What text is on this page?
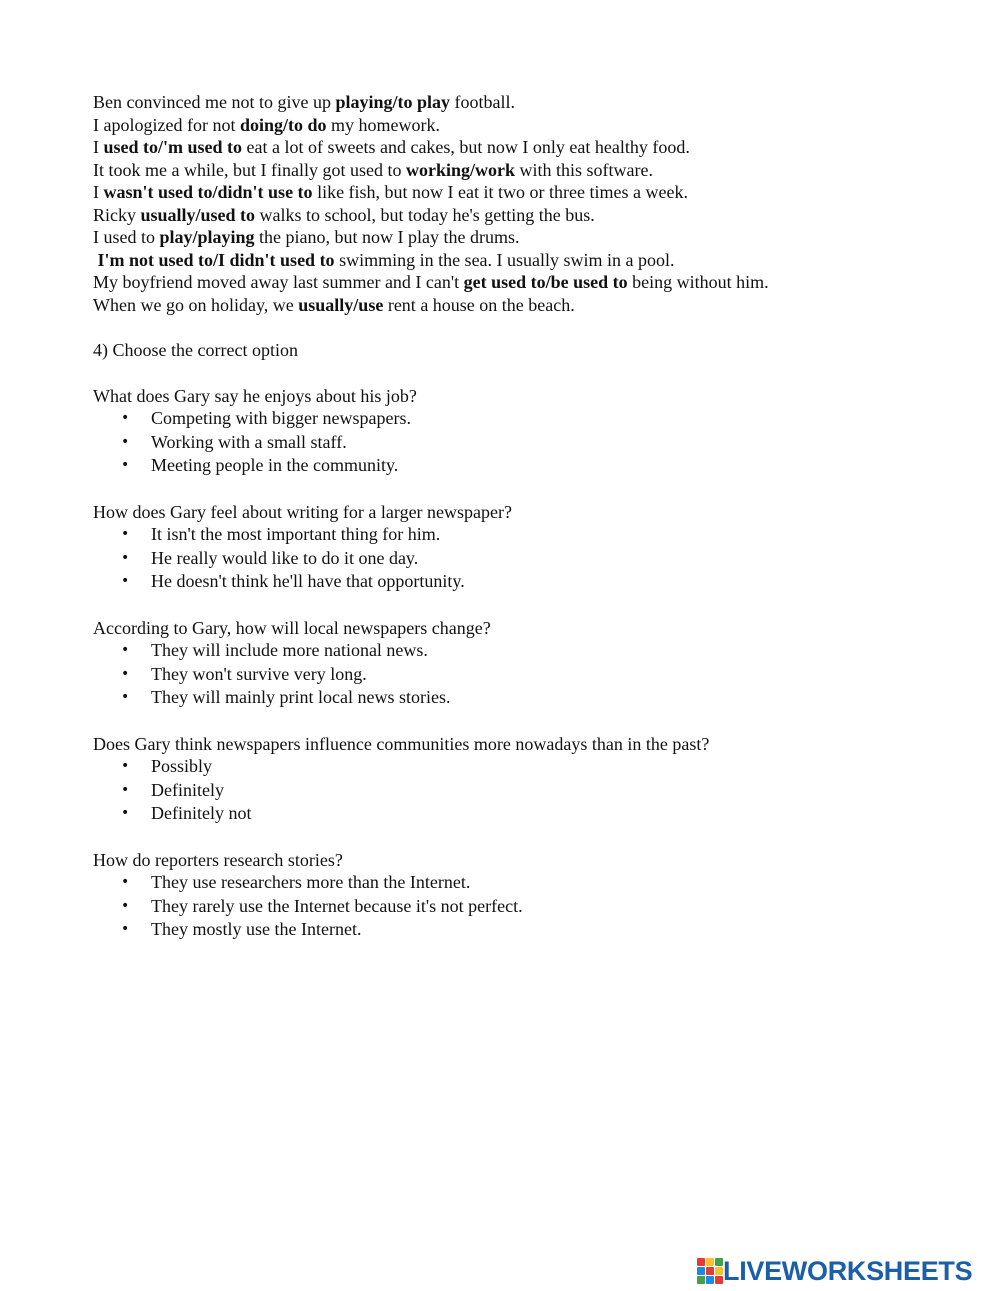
Ben convinced me not to give up playing/to play football.
I apologized for not doing/to do my homework.
I used to/'m used to eat a lot of sweets and cakes, but now I only eat healthy food.
It took me a while, but I finally got used to working/work with this software.
I wasn't used to/didn't use to like fish, but now I eat it two or three times a week.
Ricky usually/used to walks to school, but today he's getting the bus.
I used to play/playing the piano, but now I play the drums.
I'm not used to/I didn't used to swimming in the sea. I usually swim in a pool.
My boyfriend moved away last summer and I can't get used to/be used to being without him.
When we go on holiday, we usually/use rent a house on the beach.
4) Choose the correct option
What does Gary say he enjoys about his job?
• Competing with bigger newspapers.
• Working with a small staff.
• Meeting people in the community.
How does Gary feel about writing for a larger newspaper?
• It isn't the most important thing for him.
• He really would like to do it one day.
• He doesn't think he'll have that opportunity.
According to Gary, how will local newspapers change?
• They will include more national news.
• They won't survive very long.
• They will mainly print local news stories.
Does Gary think newspapers influence communities more nowadays than in the past?
• Possibly
• Definitely
• Definitely not
How do reporters research stories?
• They use researchers more than the Internet.
• They rarely use the Internet because it's not perfect.
• They mostly use the Internet.
LIVEWORKSHEETS
